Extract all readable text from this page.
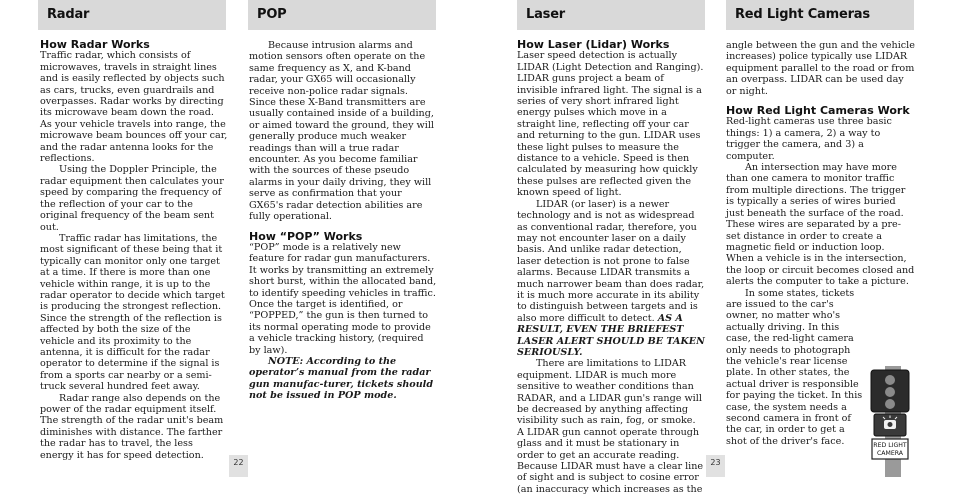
Radar

How Radar Works

Traffic radar, which consists of microwaves, travels in straight lines and is easily reflected by objects such as cars, trucks, even guardrails and overpasses. Radar works by directing its microwave beam down the road. As your vehicle travels into range, the microwave beam bounces off your car, and the radar antenna looks for the reflections.

Using the Doppler Principle, the radar equipment then calculates your speed by comparing the frequency of the reflection of your car to the original frequency of the beam sent out.

Traffic radar has limitations, the most significant of these being that it typically can monitor only one target at a time. If there is more than one vehicle within range, it is up to the radar operator to decide which target is producing the strongest reflection. Since the strength of the reflection is affected by both the size of the vehicle and its proximity to the antenna, it is difficult for the radar operator to determine if the signal is from a sports car nearby or a semi-truck several hundred feet away.

Radar range also depends on the power of the radar equipment itself.

The strength of the radar unit's beam diminishes with distance. The farther the radar has to travel, the less energy it has for speed detection.

POP

Because intrusion alarms and motion sensors often operate on the same frequency as X, and K-band radar, your GX65 will occasionally receive non-police radar signals. Since these X-Band transmitters are usually contained inside of a building, or aimed toward the ground, they will generally produce much weaker readings than will a true radar encounter. As you become familiar with the sources of these pseudo alarms in your daily driving, they will serve as confirmation that your GX65's radar detection abilities are fully operational.

How “POP” Works

“POP” mode is a relatively new feature for radar gun manufacturers. It works by transmitting an extremely short burst, within the allocated band, to identify speeding vehicles in traffic. Once the target is identified, or “POPPED,” the gun is then turned to its normal operating mode to provide a vehicle tracking history, (required by law).

NOTE: According to the operator’s manual from the radar gun manufac-turer, tickets should not be issued in POP mode.

22
Laser

How Laser (Lidar) Works

Laser speed detection is actually LIDAR (Light Detection and Ranging). LIDAR guns project a beam of invisible infrared light. The signal is a series of very short infrared light energy pulses which move in a straight line, reflecting off your car and returning to the gun. LIDAR uses these light pulses to measure the distance to a vehicle. Speed is then calculated by measuring how quickly these pulses are reflected given the known speed of light.

LIDAR (or laser) is a newer technology and is not as widespread as conventional radar, therefore, you may not encounter laser on a daily basis. And unlike radar detection, laser detection is not prone to false alarms. Because LIDAR transmits a much narrower beam than does radar, it is much more accurate in its ability to distinguish between targets and is also more difficult to detect. AS A RESULT, EVEN THE BRIEFEST LASER ALERT SHOULD BE TAKEN SERIOUSLY.

There are limitations to LIDAR equipment. LIDAR is much more sensitive to weather conditions than RADAR, and a LIDAR gun's range will be decreased by anything affecting visibility such as rain, fog, or smoke. A LIDAR gun cannot operate through glass and it must be stationary in order to get an accurate reading. Because LIDAR must have a clear line of sight and is subject to cosine error (an inaccuracy which increases as the

23
Red Light Cameras

angle between the gun and the vehicle increases) police typically use LIDAR equipment parallel to the road or from an overpass. LIDAR can be used day or night.

How Red Light Cameras Work

Red-light cameras use three basic things: 1) a camera, 2) a way to trigger the camera, and 3) a computer.

An intersection may have more than one camera to monitor traffic from multiple directions. The trigger is typically a series of wires buried just beneath the surface of the road. These wires are separated by a pre-set distance in order to create a magnetic field or induction loop. When a vehicle is in the intersection, the loop or circuit becomes closed and alerts the computer to take a picture.

In some states, tickets are issued to the car's owner, no matter who's actually driving. In this case, the red-light camera only needs to photograph the vehicle's rear license plate. In other states, the actual driver is responsible for paying the ticket. In this case, the system needs a second camera in front of the car, in order to get a shot of the driver's face.	RED LIGHT
CAMERA
